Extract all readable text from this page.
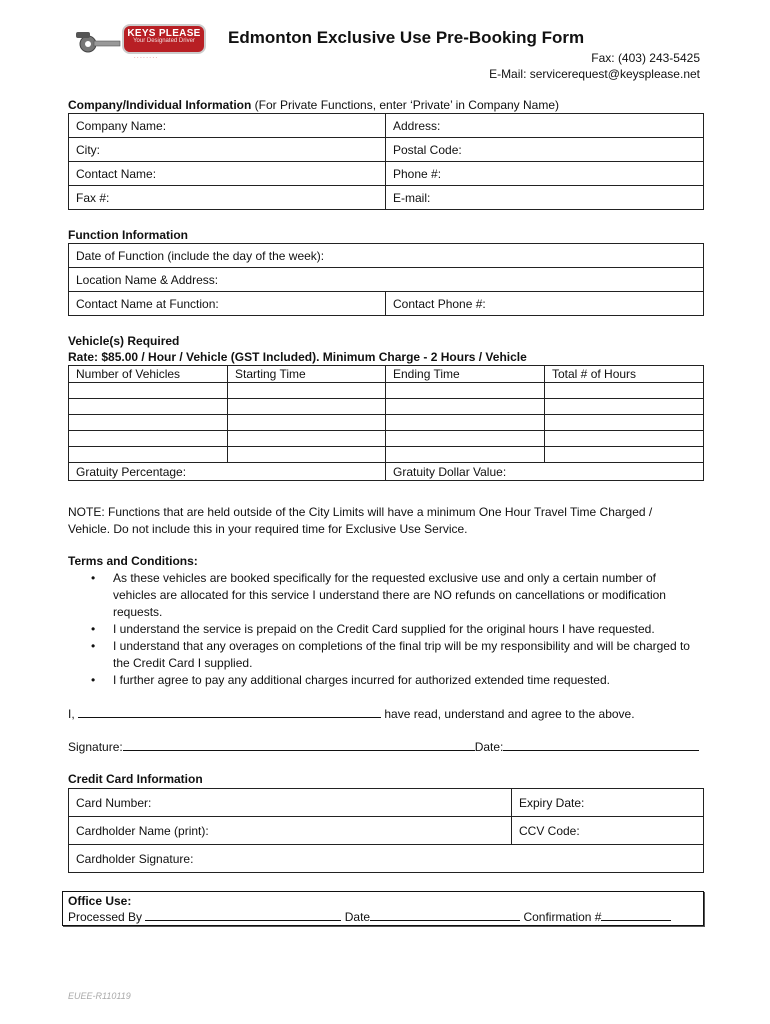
KEYS PLEASE
Your Designated Driver
· · · · · · · ·
Edmonton Exclusive Use Pre-Booking Form
Fax: (403) 243-5425
E-Mail: servicerequest@keysplease.net
Company/Individual Information (For Private Functions, enter ‘Private’ in Company Name)
Company Name:	Address:
City:	Postal Code:
Contact Name:	Phone #:
Fax #:	E-mail:
Function Information
Date of Function (include the day of the week):
Location Name & Address:
Contact Name at Function:	Contact Phone #:
Vehicle(s) Required
Rate: $85.00 / Hour / Vehicle (GST Included). Minimum Charge - 2 Hours / Vehicle
Number of Vehicles	Starting Time	Ending Time	Total # of Hours

Gratuity Percentage:		Gratuity Dollar Value:	
NOTE: Functions that are held outside of the City Limits will have a minimum One Hour Travel Time Charged /
Vehicle. Do not include this in your required time for Exclusive Use Service.
Terms and Conditions:
• As these vehicles are booked specifically for the requested exclusive use and only a certain number of vehicles are allocated for this service I understand there are NO refunds on cancellations or modification requests.
• I understand the service is prepaid on the Credit Card supplied for the original hours I have requested.
• I understand that any overages on completions of the final trip will be my responsibility and will be charged to the Credit Card I supplied.
• I further agree to pay any additional charges incurred for authorized extended time requested.
I,	have read, understand and agree to the above.
Signature:	Date:
Credit Card Information
Card Number:	Expiry Date:
Cardholder Name (print):	CCV Code:
Cardholder Signature:	
Office Use:
Processed By	Date	Confirmation #
EUEE-R110119
